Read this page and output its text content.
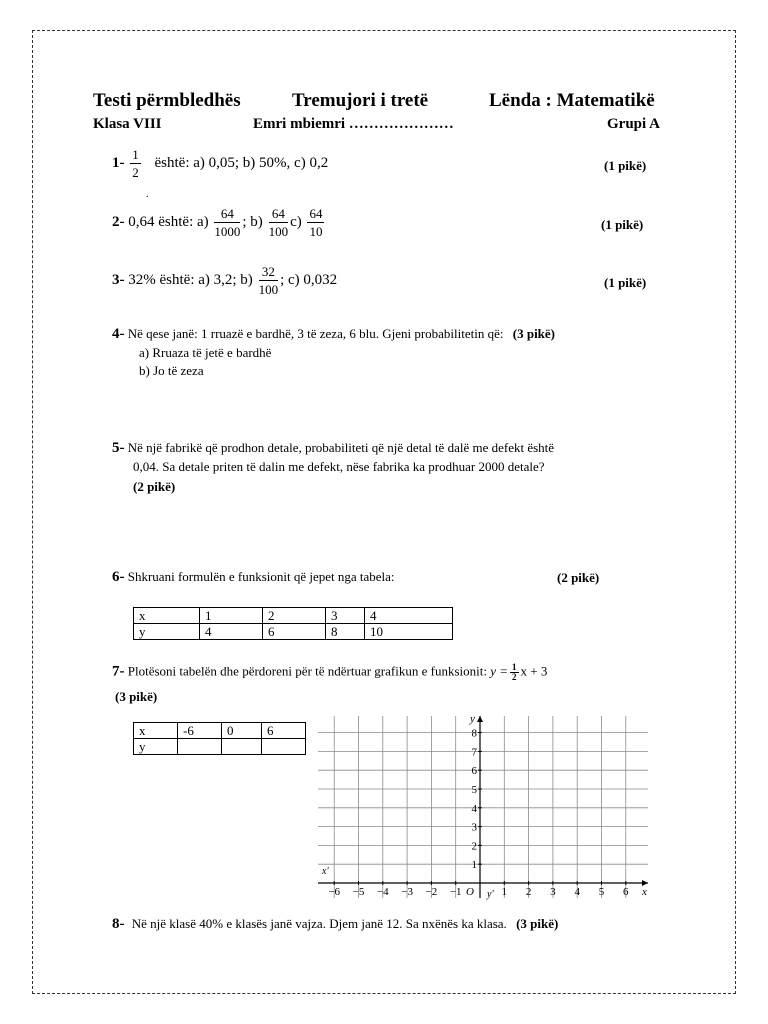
Testi përmbledhës	Tremujori i tretë	Lënda : Matematikë
Klasa VIII	Emri mbiemri …………………	Grupi A
$1- \frac{1}{2}$ është: a) 0,05; b) 50%, c) 0,2	(1 pikë)
.
2- 0,64 është: $a) \frac{64}{1000}$ ; $b) \frac{64}{100} c) \frac{64}{10}$	(1 pikë)
3- 32% është: a) 3,2; $b) \frac{32}{100}$ ; c) 0,032	(1 pikë)
4- Në qese janë: 1 rruazë e bardhë, 3 të zeza, 6 blu. Gjeni probabilitetin që: (3 pikë)
a) Rruaza të jetë e bardhë
b) Jo të zeza
5- Në një fabrikë që prodhon detale, probabiliteti që një detal të dalë me defekt është
0,04. Sa detale priten të dalin me defekt, nëse fabrika ka prodhuar 2000 detale?
(2 pikë)
6- Shkruani formulën e funksionit që jepet nga tabela:	(2 pikë)
x	1	2	3	4
y	4	6	8	10
7- Plotësoni tabelën dhe përdoreni për të ndërtuar grafikun e funksionit: $y = \frac{1}{2}$ x + 3
(3 pikë)
x	-6	0	6
y			
−6 −5 −4 −3 −2 −1	1 2 3 4 5 6
8
7
6
5
4
3
2
1
O	x
x'
y
y'
8- Në një klasë 40% e klasës janë vajza. Djem janë 12. Sa nxënës ka klasa. (3 pikë)
